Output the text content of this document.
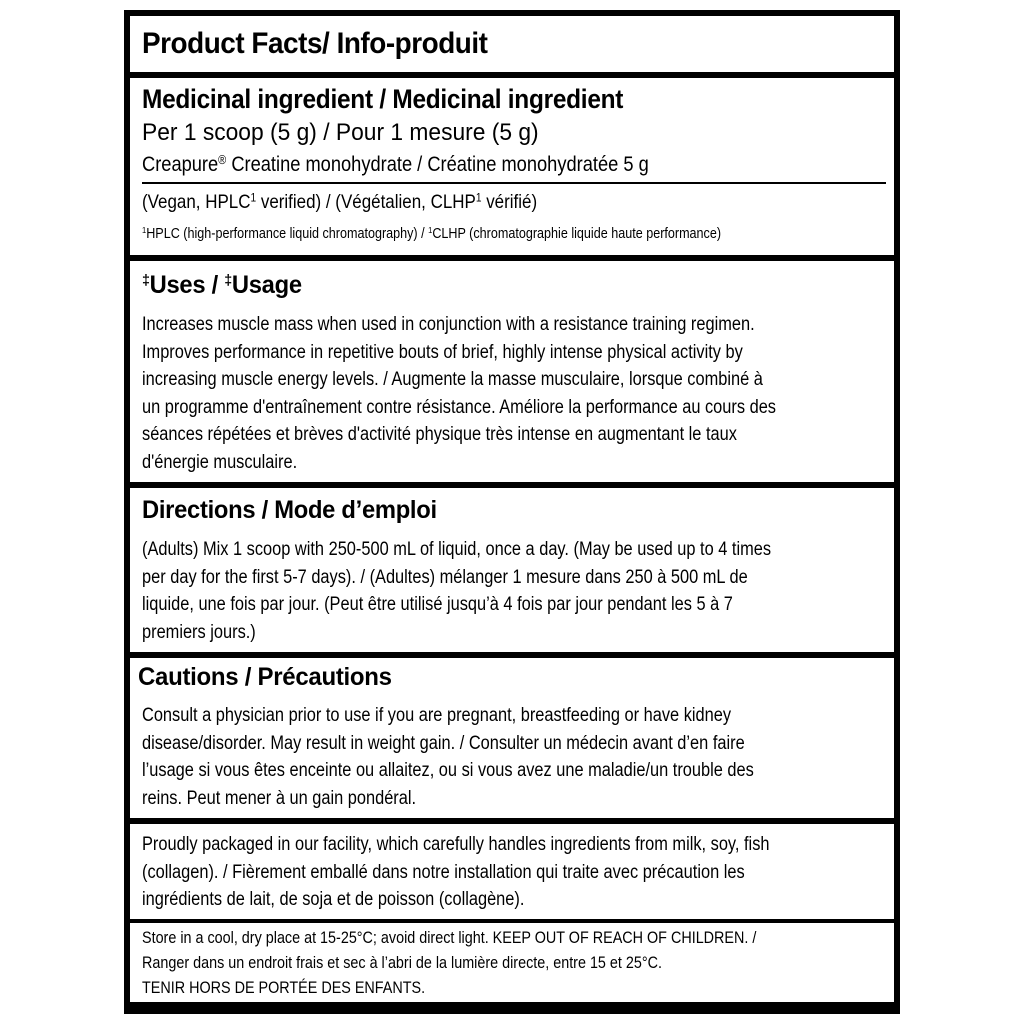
Product Facts/ Info-produit
Medicinal ingredient / Medicinal ingredient
Per 1 scoop (5 g) / Pour 1 mesure (5 g)
Creapure® Creatine monohydrate / Créatine monohydratée 5 g
(Vegan, HPLC$^1$ verified) / (Végétalien, CLHP$^1$ vérifié)
$^1$HPLC (high-performance liquid chromatography) / $^1$CLHP (chromatographie liquide haute performance)
‡Uses / ‡Usage
Increases muscle mass when used in conjunction with a resistance training regimen.
Improves performance in repetitive bouts of brief, highly intense physical activity by
increasing muscle energy levels. / Augmente la masse musculaire, lorsque combiné à
un programme d'entraînement contre résistance. Améliore la performance au cours des
séances répétées et brèves d'activité physique très intense en augmentant le taux
d'énergie musculaire.
Directions / Mode d’emploi
(Adults) Mix 1 scoop with 250-500 mL of liquid, once a day. (May be used up to 4 times
per day for the first 5-7 days). / (Adultes) mélanger 1 mesure dans 250 à 500 mL de
liquide, une fois par jour. (Peut être utilisé jusqu’à 4 fois par jour pendant les 5 à 7
premiers jours.)
Cautions / Précautions
Consult a physician prior to use if you are pregnant, breastfeeding or have kidney
disease/disorder. May result in weight gain. / Consulter un médecin avant d’en faire
l’usage si vous êtes enceinte ou allaitez, ou si vous avez une maladie/un trouble des
reins. Peut mener à un gain pondéral.
Proudly packaged in our facility, which carefully handles ingredients from milk, soy, fish
(collagen). / Fièrement emballé dans notre installation qui traite avec précaution les
ingrédients de lait, de soja et de poisson (collagène).
Store in a cool, dry place at 15-25°C; avoid direct light. KEEP OUT OF REACH OF CHILDREN. /
Ranger dans un endroit frais et sec à l’abri de la lumière directe, entre 15 et 25°C.
TENIR HORS DE PORTÉE DES ENFANTS.
